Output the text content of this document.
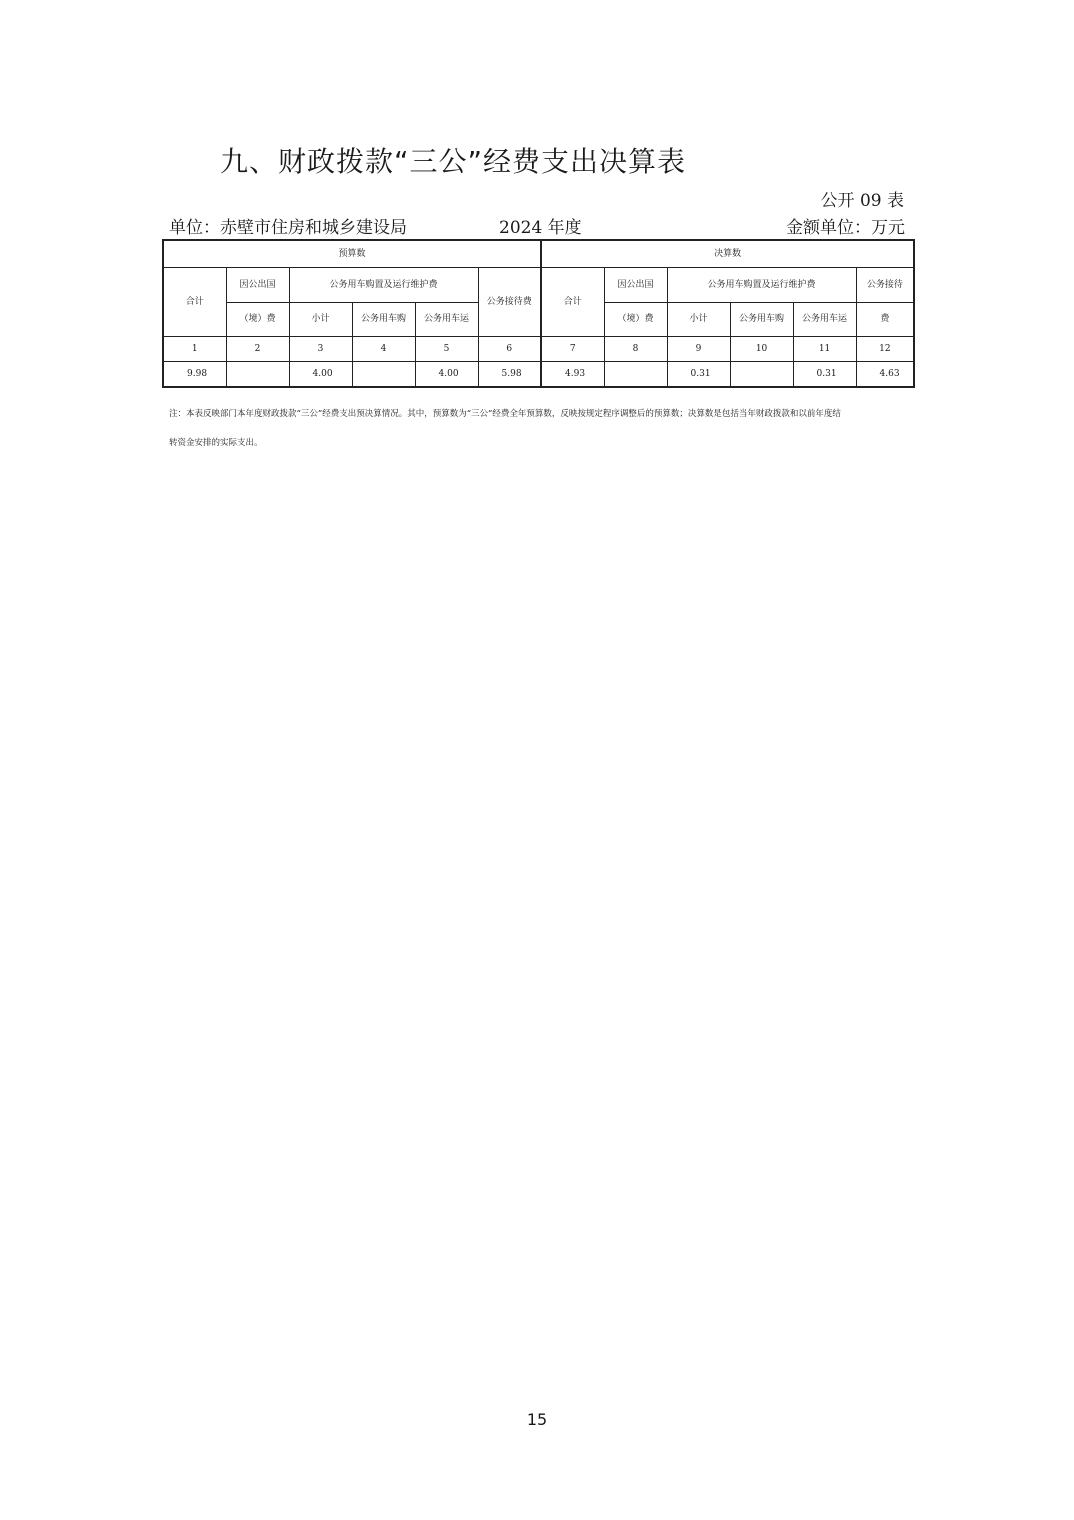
九、财政拨款“三公”经费支出决算表
公开 09 表
单位：赤壁市住房和城乡建设局	2024 年度	金额单位：万元
预算数						决算数					
合计	因公出国	公务用车购置及运行维护费			公务接待费	合计	因公出国	公务用车购置及运行维护费			公务接待
	（境）费	小计	公务用车购	公务用车运			（境）费	小计	公务用车购	公务用车运	费
1	2	3	4	5	6	7	8	9	10	11	12
9.98		4.00		4.00	5.98	4.93		0.31		0.31	4.63
注：本表反映部门本年度财政拨款“三公”经费支出预决算情况。其中，预算数为“三公”经费全年预算数，反映按规定程序调整后的预算数；决算数是包括当年财政拨款和以前年度结
转资金安排的实际支出。
15
